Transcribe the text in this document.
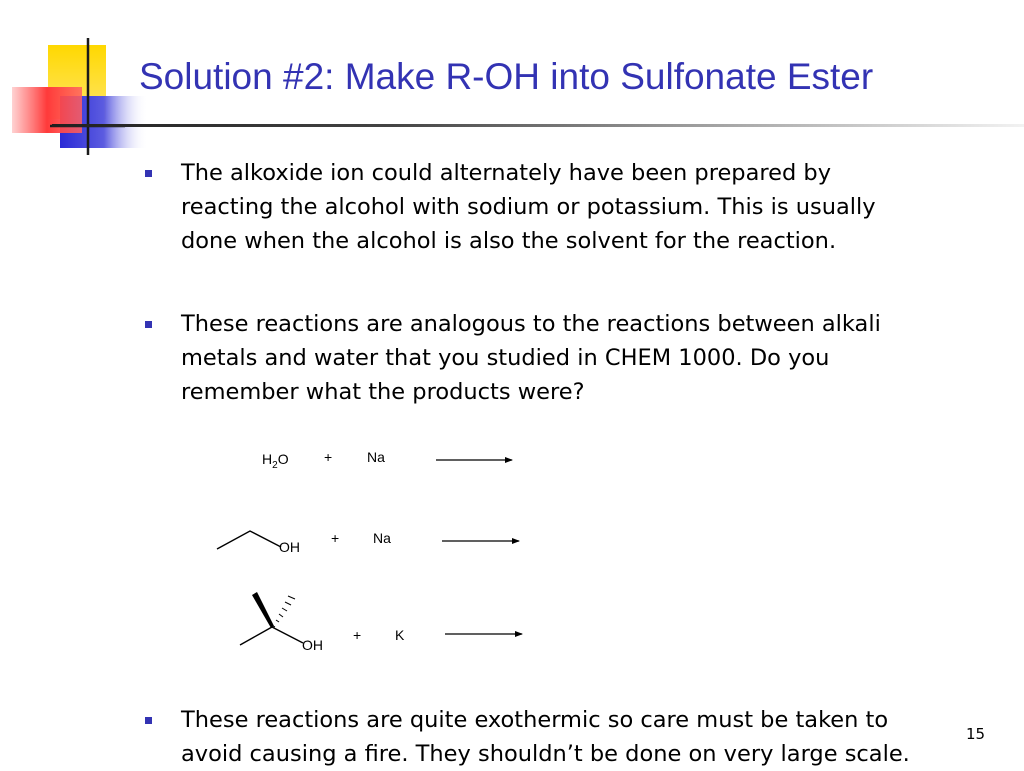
Solution #2: Make R-OH into Sulfonate Ester

The alkoxide ion could alternately have been prepared by
reacting the alcohol with sodium or potassium. This is usually
done when the alcohol is also the solvent for the reaction.

These reactions are analogous to the reactions between alkali
metals and water that you studied in CHEM 1000. Do you
remember what the products were?

$H_2O$	+ Na
OH
+ Na
OH
+ K

These reactions are quite exothermic so care must be taken to
avoid causing a fire. They shouldn’t be done on very large scale.

15
